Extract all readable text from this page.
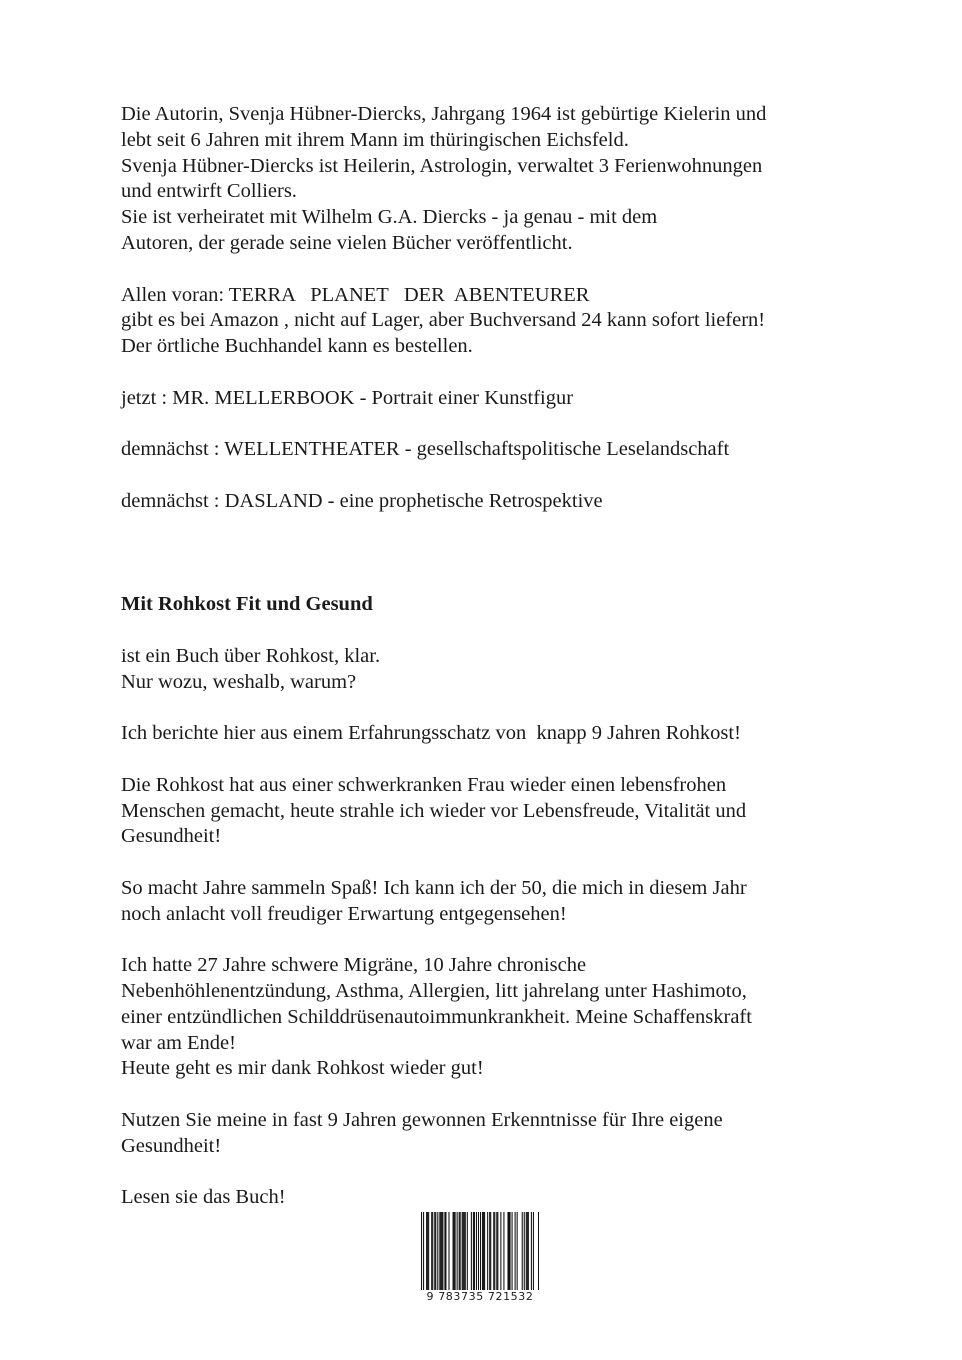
Die Autorin, Svenja Hübner-Diercks, Jahrgang 1964 ist gebürtige Kielerin und
lebt seit 6 Jahren mit ihrem Mann im thüringischen Eichsfeld.
Svenja Hübner-Diercks ist Heilerin, Astrologin, verwaltet 3 Ferienwohnungen
und entwirft Colliers.
Sie ist verheiratet mit Wilhelm G.A. Diercks - ja genau - mit dem
Autoren, der gerade seine vielen Bücher veröffentlicht.
Allen voran: TERRA   PLANET   DER  ABENTEURER
gibt es bei Amazon , nicht auf Lager, aber Buchversand 24 kann sofort liefern!
Der örtliche Buchhandel kann es bestellen.
jetzt : MR. MELLERBOOK - Portrait einer Kunstfigur
demnächst : WELLENTHEATER - gesellschaftspolitische Leselandschaft
demnächst : DASLAND - eine prophetische Retrospektive
Mit Rohkost Fit und Gesund
ist ein Buch über Rohkost, klar.
Nur wozu, weshalb, warum?
Ich berichte hier aus einem Erfahrungsschatz von  knapp 9 Jahren Rohkost!
Die Rohkost hat aus einer schwerkranken Frau wieder einen lebensfrohen
Menschen gemacht, heute strahle ich wieder vor Lebensfreude, Vitalität und
Gesundheit!
So macht Jahre sammeln Spaß! Ich kann ich der 50, die mich in diesem Jahr
noch anlacht voll freudiger Erwartung entgegensehen!
Ich hatte 27 Jahre schwere Migräne, 10 Jahre chronische
Nebenhöhlenentzündung, Asthma, Allergien, litt jahrelang unter Hashimoto,
einer entzündlichen Schilddrüsenautoimmunkrankheit. Meine Schaffenskraft
war am Ende!
Heute geht es mir dank Rohkost wieder gut!
Nutzen Sie meine in fast 9 Jahren gewonnen Erkenntnisse für Ihre eigene
Gesundheit!
Lesen sie das Buch!
9 783735 721532
